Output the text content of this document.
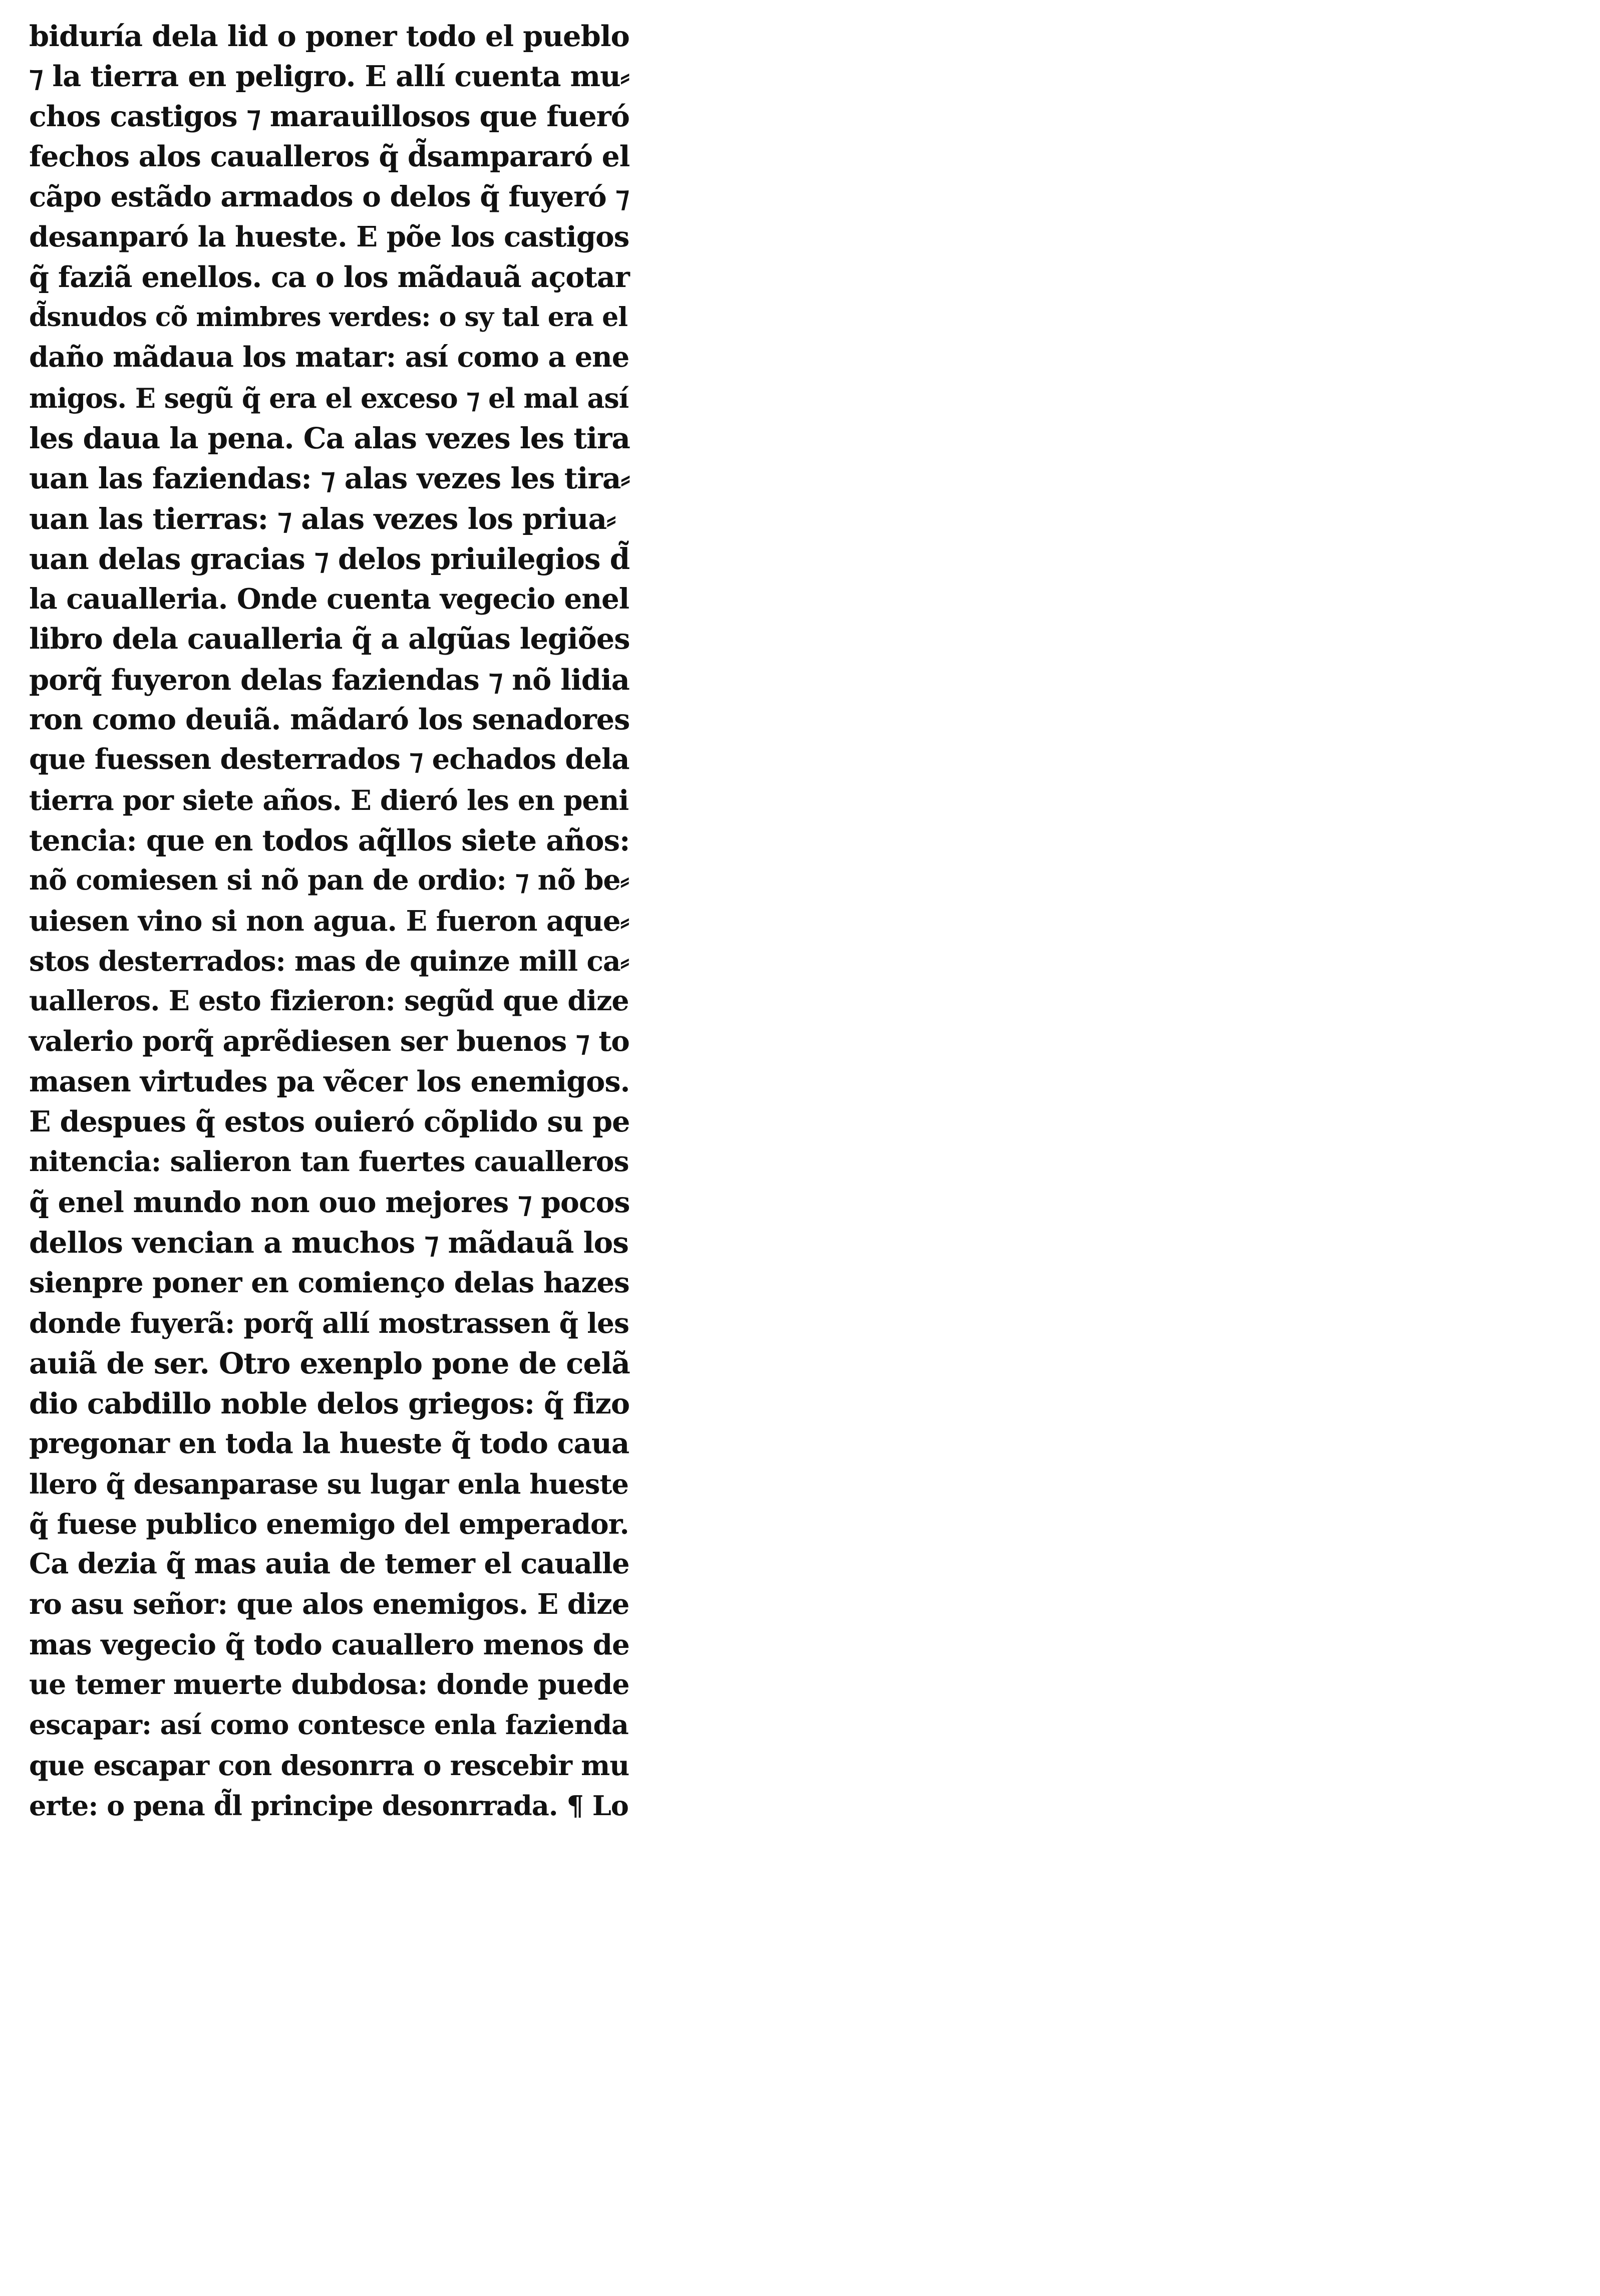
biduría dela lid o poner todo el pueblo
⁊ la tierra en peligro. E allí cuenta mu⸗
chos castigos ⁊ marauillosos que fueró
fechos alos caualleros q̃ d̃sampararó el
cãpo estãdo armados o delos q̃ fuyeró ⁊
desanparó la hueste. E põe los castigos
q̃ faziã enellos. ca o los mãdauã açotar
d̃snudos cõ mimbres verdes: o sy tal era el
daño mãdaua los matar: así como a ene
migos. E segũ q̃ era el exceso ⁊ el mal así
les daua la pena. Ca alas vezes les tira
uan las faziendas: ⁊ alas vezes les tira⸗
uan las tierras: ⁊ alas vezes los priua⸗
uan delas gracias ⁊ delos priuilegios d̃
la caualleria. Onde cuenta vegecio enel
libro dela caualleria q̃ a algũas legiões
porq̃ fuyeron delas faziendas ⁊ nõ lidia
ron como deuiã. mãdaró los senadores
que fuessen desterrados ⁊ echados dela
tierra por siete años. E dieró les en peni
tencia: que en todos aq̃llos siete años:
nõ comiesen si nõ pan de ordio: ⁊ nõ be⸗
uiesen vino si non agua. E fueron aque⸗
stos desterrados: mas de quinze mill ca⸗
ualleros. E esto fizieron: segũd que dize
valerio porq̃ aprẽdiesen ser buenos ⁊ to
masen virtudes pa vẽcer los enemigos.
E despues q̃ estos ouieró cõplido su pe
nitencia: salieron tan fuertes caualleros
q̃ enel mundo non ouo mejores ⁊ pocos
dellos vencian a muchos ⁊ mãdauã los
sienpre poner en comienço delas hazes
donde fuyerã: porq̃ allí mostrassen q̃ les
auiã de ser. Otro exenplo pone de celã
dio cabdillo noble delos griegos: q̃ fizo
pregonar en toda la hueste q̃ todo caua
llero q̃ desanparase su lugar enla hueste
q̃ fuese publico enemigo del emperador.
Ca dezia q̃ mas auia de temer el caualle
ro asu señor: que alos enemigos. E dize
mas vegecio q̃ todo cauallero menos de
ue temer muerte dubdosa: donde puede
escapar: así como contesce enla fazienda
que escapar con desonrra o rescebir mu
erte: o pena d̃l principe desonrrada. ¶ Lo
